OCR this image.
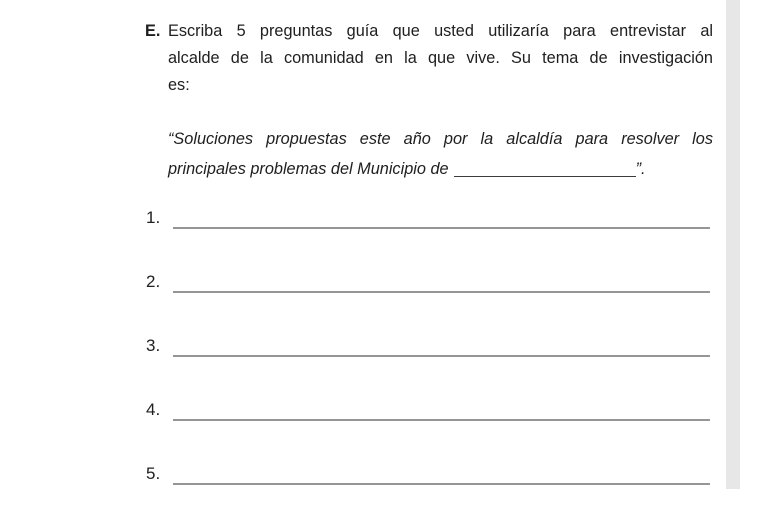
E. Escriba 5 preguntas guía que usted utilizaría para entrevistar al
alcalde de la comunidad en la que vive. Su tema de investigación
es:
“Soluciones propuestas este año por la alcaldía para resolver los
principales problemas del Municipio de	”.
1.
2.
3.
4.
5.
